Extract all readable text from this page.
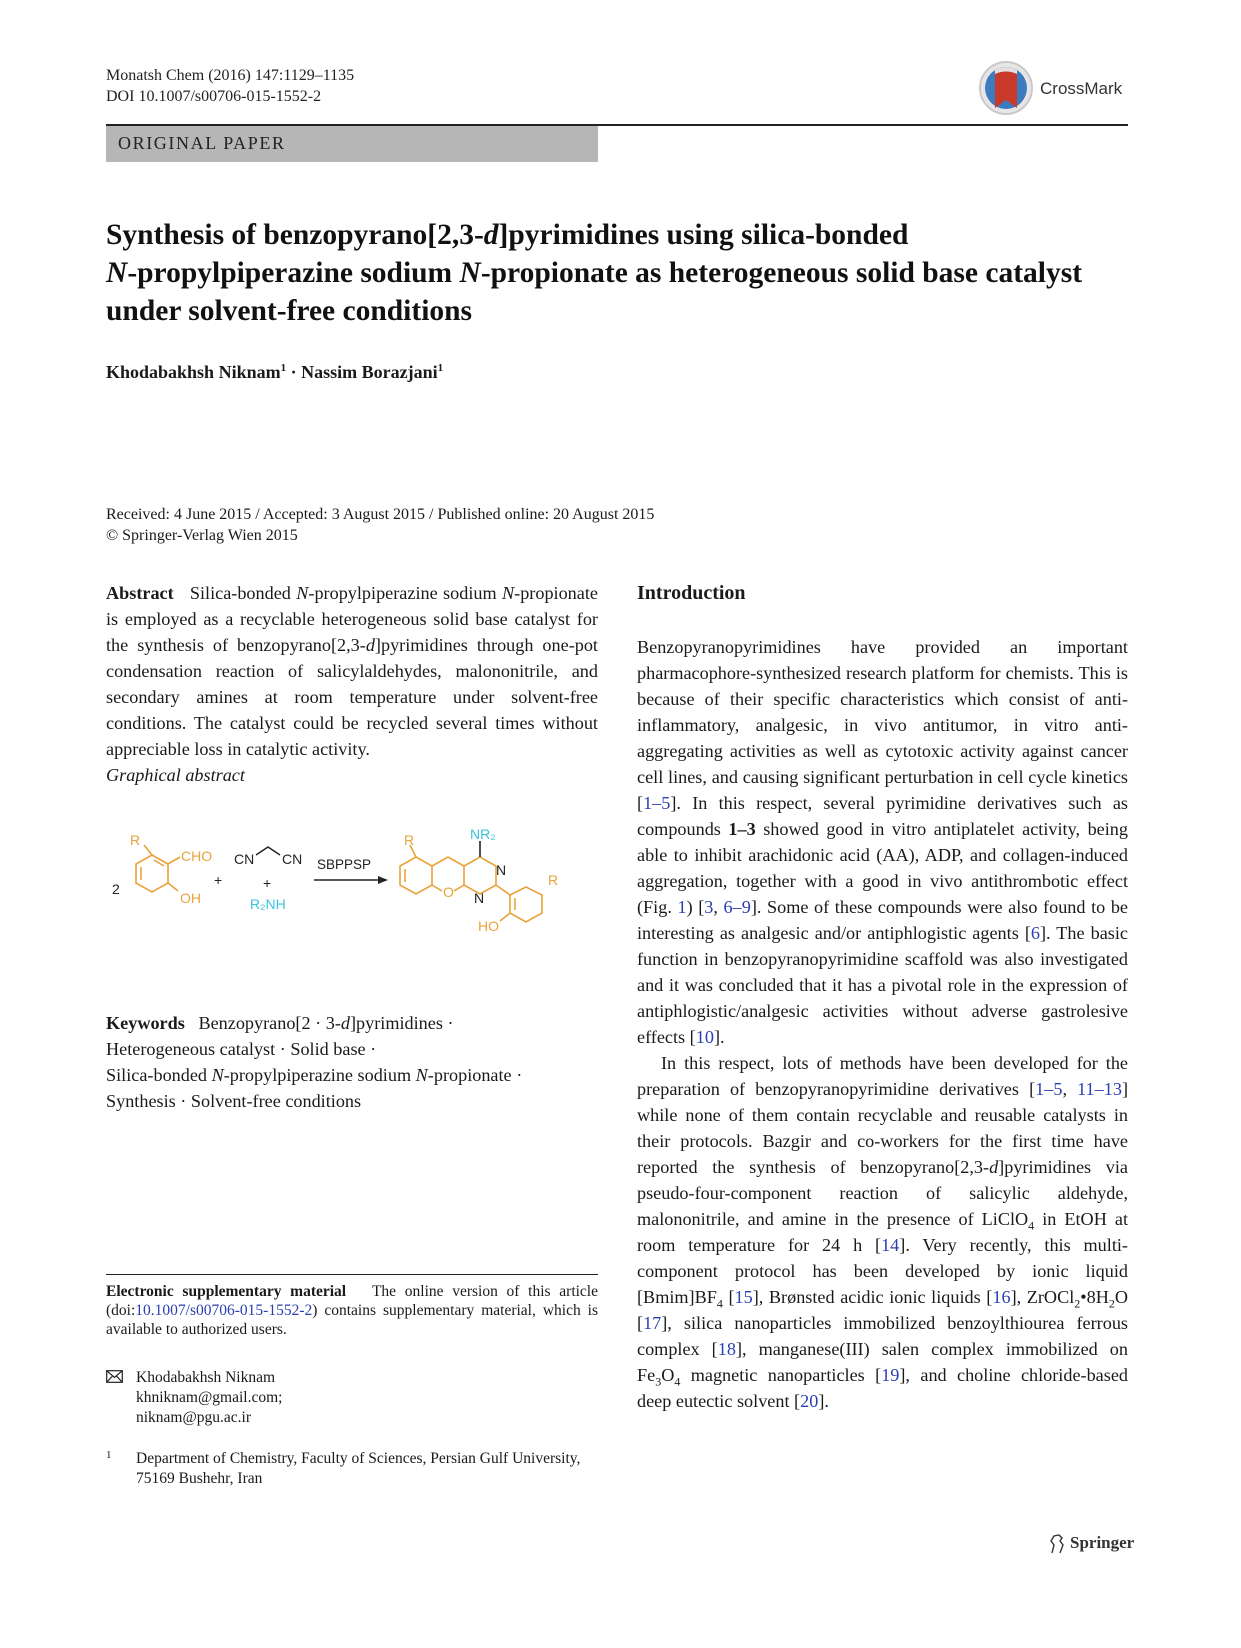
Monatsh Chem (2016) 147:1129–1135
DOI 10.1007/s00706-015-1552-2	CrossMark
ORIGINAL PAPER
Synthesis of benzopyrano[2,3-d]pyrimidines using silica-bonded
N-propylpiperazine sodium N-propionate as heterogeneous solid base catalyst under solvent-free conditions
Khodabakhsh Niknam$^1$ · Nassim Borazjani$^1$
Received: 4 June 2015 / Accepted: 3 August 2015 / Published online: 20 August 2015
© Springer-Verlag Wien 2015

Abstract Silica-bonded N-propylpiperazine sodium N-propionate is employed as a recyclable heterogeneous solid base catalyst for the synthesis of benzopyrano[2,3-d]pyrimidines through one-pot condensation reaction of salicylaldehydes, malononitrile, and secondary amines at room temperature under solvent-free conditions. The catalyst could be recycled several times without appreciable loss in catalytic activity.

Graphical abstract

2
R
CHO
OH
+
CN CN
+
R₂NH
SBPPSP
R	NR₂
N
N
O
R
HO
Keywords Benzopyrano[2 · 3-d]pyrimidines ·
Heterogeneous catalyst · Solid base ·
Silica-bonded N-propylpiperazine sodium N-propionate ·
Synthesis · Solvent-free conditions
Electronic supplementary material The online version of this article (doi:10.1007/s00706-015-1552-2) contains supplementary material, which is available to authorized users.
Khodabakhsh Niknam
khniknam@gmail.com;
niknam@pgu.ac.ir
1 Department of Chemistry, Faculty of Sciences, Persian Gulf University, 75169 Bushehr, Iran

Introduction

Benzopyranopyrimidines have provided an important pharmacophore-synthesized research platform for chemists. This is because of their specific characteristics which consist of anti-inflammatory, analgesic, in vivo antitumor, in vitro anti-aggregating activities as well as cytotoxic activity against cancer cell lines, and causing significant perturbation in cell cycle kinetics [1–5]. In this respect, several pyrimidine derivatives such as compounds 1–3 showed good in vitro antiplatelet activity, being able to inhibit arachidonic acid (AA), ADP, and collagen-induced aggregation, together with a good in vivo antithrombotic effect (Fig. 1) [3, 6–9]. Some of these compounds were also found to be interesting as analgesic and/or antiphlogistic agents [6]. The basic function in benzopyranopyrimidine scaffold was also investigated and it was concluded that it has a pivotal role in the expression of antiphlogistic/analgesic activities without adverse gastrolesive effects [10].

In this respect, lots of methods have been developed for the preparation of benzopyranopyrimidine derivatives [1–5, 11–13] while none of them contain recyclable and reusable catalysts in their protocols. Bazgir and co-workers for the first time have reported the synthesis of benzopyrano[2,3-d]pyrimidines via pseudo-four-component reaction of salicylic aldehyde, malononitrile, and amine in the presence of LiClO$_4$ in EtOH at room temperature for 24 h [14]. Very recently, this multi-component protocol has been developed by ionic liquid $[Bmim]BF_4$ [15], Brønsted acidic ionic liquids [16], $ZrOCl_2•8H_2O$ [17], silica nanoparticles immobilized benzoylthiourea ferrous complex [18], manganese(III) salen complex immobilized on $Fe_3O_4$ magnetic nanoparticles [19], and choline chloride-based deep eutectic solvent [20].

Springer
